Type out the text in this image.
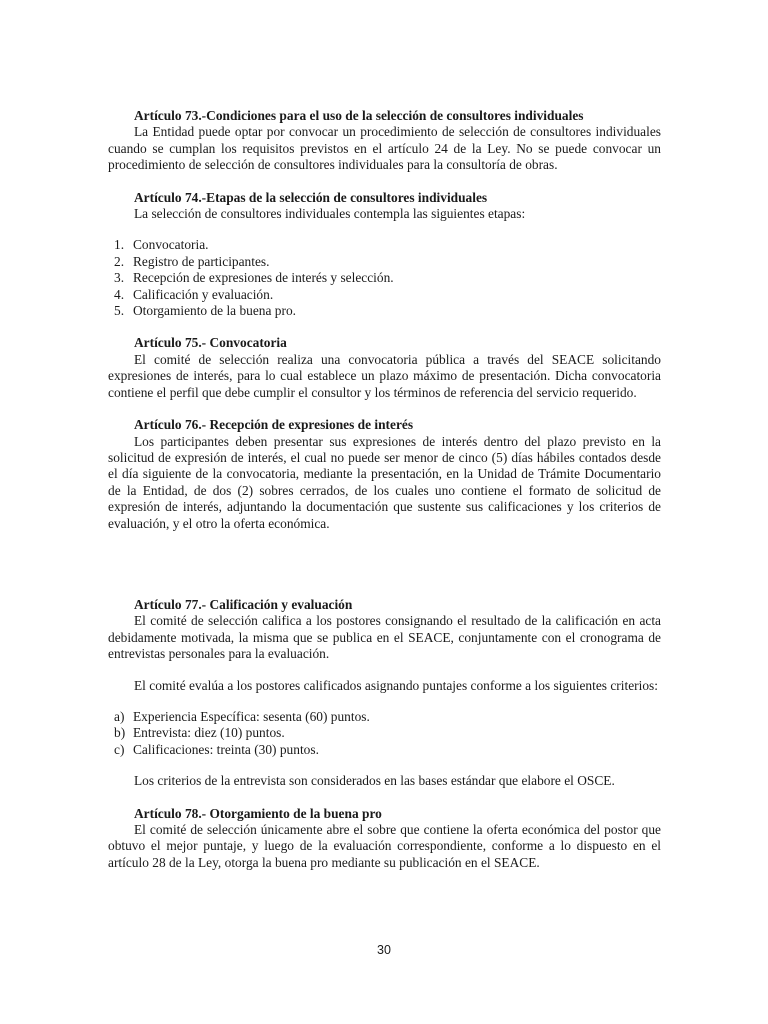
Artículo 73.-Condiciones para el uso de la selección de consultores individuales

La Entidad puede optar por convocar un procedimiento de selección de consultores individuales cuando se cumplan los requisitos previstos en el artículo 24 de la Ley. No se puede convocar un procedimiento de selección de consultores individuales para la consultoría de obras.

Artículo 74.-Etapas de la selección de consultores individuales

La selección de consultores individuales contempla las siguientes etapas:

1. Convocatoria.
2. Registro de participantes.
3. Recepción de expresiones de interés y selección.
4. Calificación y evaluación.
5. Otorgamiento de la buena pro.

Artículo 75.- Convocatoria

El comité de selección realiza una convocatoria pública a través del SEACE solicitando expresiones de interés, para lo cual establece un plazo máximo de presentación. Dicha convocatoria contiene el perfil que debe cumplir el consultor y los términos de referencia del servicio requerido.

Artículo 76.- Recepción de expresiones de interés

Los participantes deben presentar sus expresiones de interés dentro del plazo previsto en la solicitud de expresión de interés, el cual no puede ser menor de cinco (5) días hábiles contados desde el día siguiente de la convocatoria, mediante la presentación, en la Unidad de Trámite Documentario de la Entidad, de dos (2) sobres cerrados, de los cuales uno contiene el formato de solicitud de expresión de interés, adjuntando la documentación que sustente sus calificaciones y los criterios de evaluación, y el otro la oferta económica.

Artículo 77.- Calificación y evaluación

El comité de selección califica a los postores consignando el resultado de la calificación en acta debidamente motivada, la misma que se publica en el SEACE, conjuntamente con el cronograma de entrevistas personales para la evaluación.

El comité evalúa a los postores calificados asignando puntajes conforme a los siguientes criterios:

a) Experiencia Específica: sesenta (60) puntos.
b) Entrevista: diez (10) puntos.
c) Calificaciones: treinta (30) puntos.

Los criterios de la entrevista son considerados en las bases estándar que elabore el OSCE.

Artículo 78.- Otorgamiento de la buena pro

El comité de selección únicamente abre el sobre que contiene la oferta económica del postor que obtuvo el mejor puntaje, y luego de la evaluación correspondiente, conforme a lo dispuesto en el artículo 28 de la Ley, otorga la buena pro mediante su publicación en el SEACE.

30
